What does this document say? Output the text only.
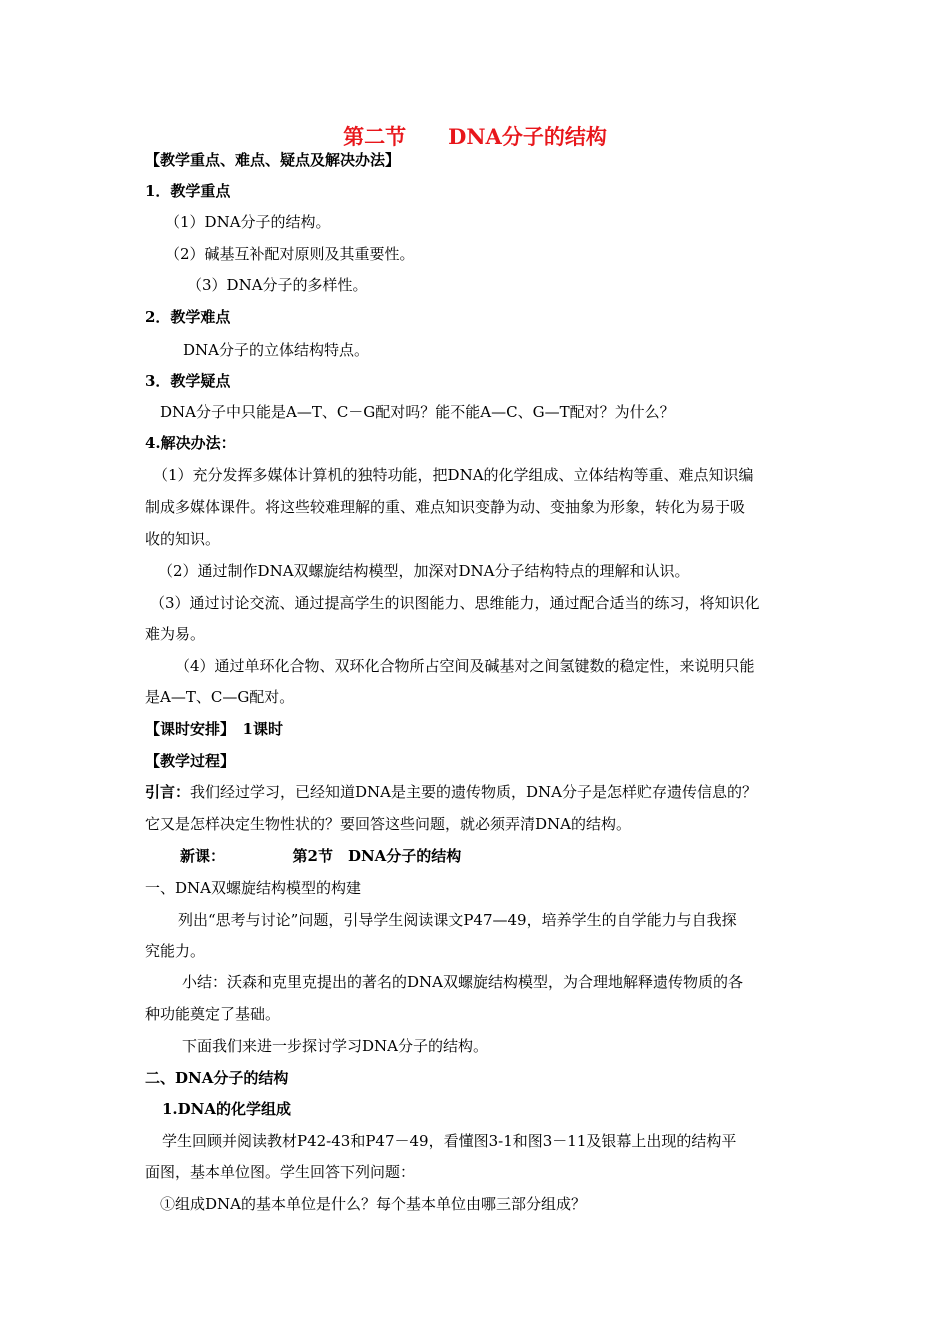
第二节　　DNA分子的结构
【教学重点、难点、疑点及解决办法】
1．教学重点
（1）DNA分子的结构。
（2）碱基互补配对原则及其重要性。
（3）DNA分子的多样性。
2．教学难点
DNA分子的立体结构特点。
3．教学疑点
DNA分子中只能是A—T、C－G配对吗？能不能A—C、G—T配对？为什么？
4.解决办法：
（1）充分发挥多媒体计算机的独特功能，把DNA的化学组成、立体结构等重、难点知识编
制成多媒体课件。将这些较难理解的重、难点知识变静为动、变抽象为形象，转化为易于吸
收的知识。
（2）通过制作DNA双螺旋结构模型，加深对DNA分子结构特点的理解和认识。
（3）通过讨论交流、通过提高学生的识图能力、思维能力，通过配合适当的练习，将知识化
难为易。
（4）通过单环化合物、双环化合物所占空间及碱基对之间氢键数的稳定性，来说明只能
是A—T、C—G配对。
【课时安排】　1课时
【教学过程】
引言：我们经过学习，已经知道DNA是主要的遗传物质，DNA分子是怎样贮存遗传信息的？
它又是怎样决定生物性状的？要回答这些问题，就必须弄清DNA的结构。
新课：　　　　　第2节　DNA分子的结构
一、DNA双螺旋结构模型的构建
列出“思考与讨论”问题，引导学生阅读课文P47—49，培养学生的自学能力与自我探
究能力。
小结：沃森和克里克提出的著名的DNA双螺旋结构模型，为合理地解释遗传物质的各
种功能奠定了基础。
下面我们来进一步探讨学习DNA分子的结构。
二、DNA分子的结构
1.DNA的化学组成
学生回顾并阅读教材P42-43和P47－49，看懂图3-1和图3－11及银幕上出现的结构平
面图，基本单位图。学生回答下列问题：
①组成DNA的基本单位是什么？每个基本单位由哪三部分组成？
